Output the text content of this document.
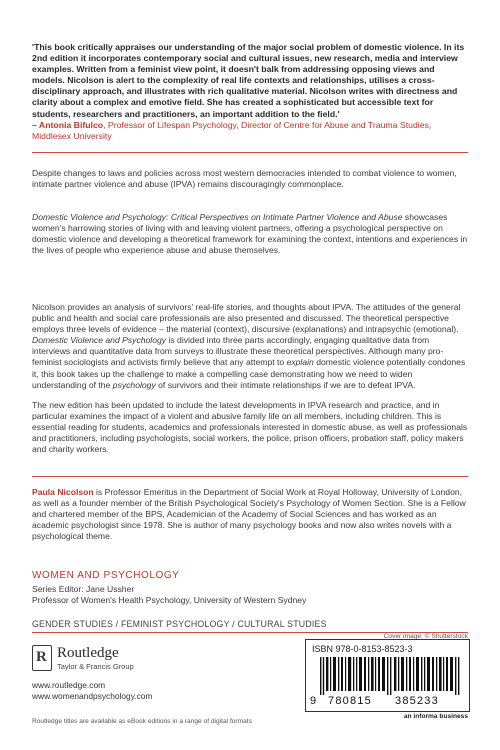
'This book critically appraises our understanding of the major social problem of domestic violence. In its 2nd edition it incorporates contemporary social and cultural issues, new research, media and interview examples. Written from a feminist view point, it doesn't balk from addressing opposing views and models. Nicolson is alert to the complexity of real life contexts and relationships, utilises a cross-disciplinary approach, and illustrates with rich qualitative material. Nicolson writes with directness and clarity about a complex and emotive field. She has created a sophisticated but accessible text for students, researchers and practitioners, an important addition to the field.'
– Antonia Bifulco, Professor of Lifespan Psychology, Director of Centre for Abuse and Trauma Studies, Middlesex University
Despite changes to laws and policies across most western democracies intended to combat violence to women, intimate partner violence and abuse (IPVA) remains discouragingly commonplace.
Domestic Violence and Psychology: Critical Perspectives on Intimate Partner Violence and Abuse showcases women's harrowing stories of living with and leaving violent partners, offering a psychological perspective on domestic violence and developing a theoretical framework for examining the context, intentions and experiences in the lives of people who experience abuse and abuse themselves.
Nicolson provides an analysis of survivors' real-life stories, and thoughts about IPVA. The attitudes of the general public and health and social care professionals are also presented and discussed. The theoretical perspective employs three levels of evidence – the material (context), discursive (explanations) and intrapsychic (emotional). Domestic Violence and Psychology is divided into three parts accordingly, engaging qualitative data from interviews and quantitative data from surveys to illustrate these theoretical perspectives. Although many pro-feminist sociologists and activists firmly believe that any attempt to explain domestic violence potentially condones it, this book takes up the challenge to make a compelling case demonstrating how we need to widen understanding of the psychology of survivors and their intimate relationships if we are to defeat IPVA.
The new edition has been updated to include the latest developments in IPVA research and practice, and in particular examines the impact of a violent and abusive family life on all members, including children. This is essential reading for students, academics and professionals interested in domestic abuse, as well as professionals and practitioners, including psychologists, social workers, the police, prison officers, probation staff, policy makers and charity workers.
Paula Nicolson is Professor Emeritus in the Department of Social Work at Royal Holloway, University of London, as well as a founder member of the British Psychological Society's Psychology of Women Section. She is a Fellow and chartered member of the BPS, Academician of the Academy of Social Sciences and has worked as an academic psychologist since 1978. She is author of many psychology books and now also writes novels with a psychological theme.
WOMEN AND PSYCHOLOGY
Series Editor: Jane Ussher
Professor of Women's Health Psychology, University of Western Sydney
GENDER STUDIES / FEMINIST PSYCHOLOGY / CULTURAL STUDIES
Cover image: © Shutterstock
R Routledge
Taylor & Francis Group
www.routledge.com
www.womenandpsychology.com
ISBN 978-0-8153-8523-3
9 780815 385233
an informa business
Routledge titles are available as eBook editions in a range of digital formats
